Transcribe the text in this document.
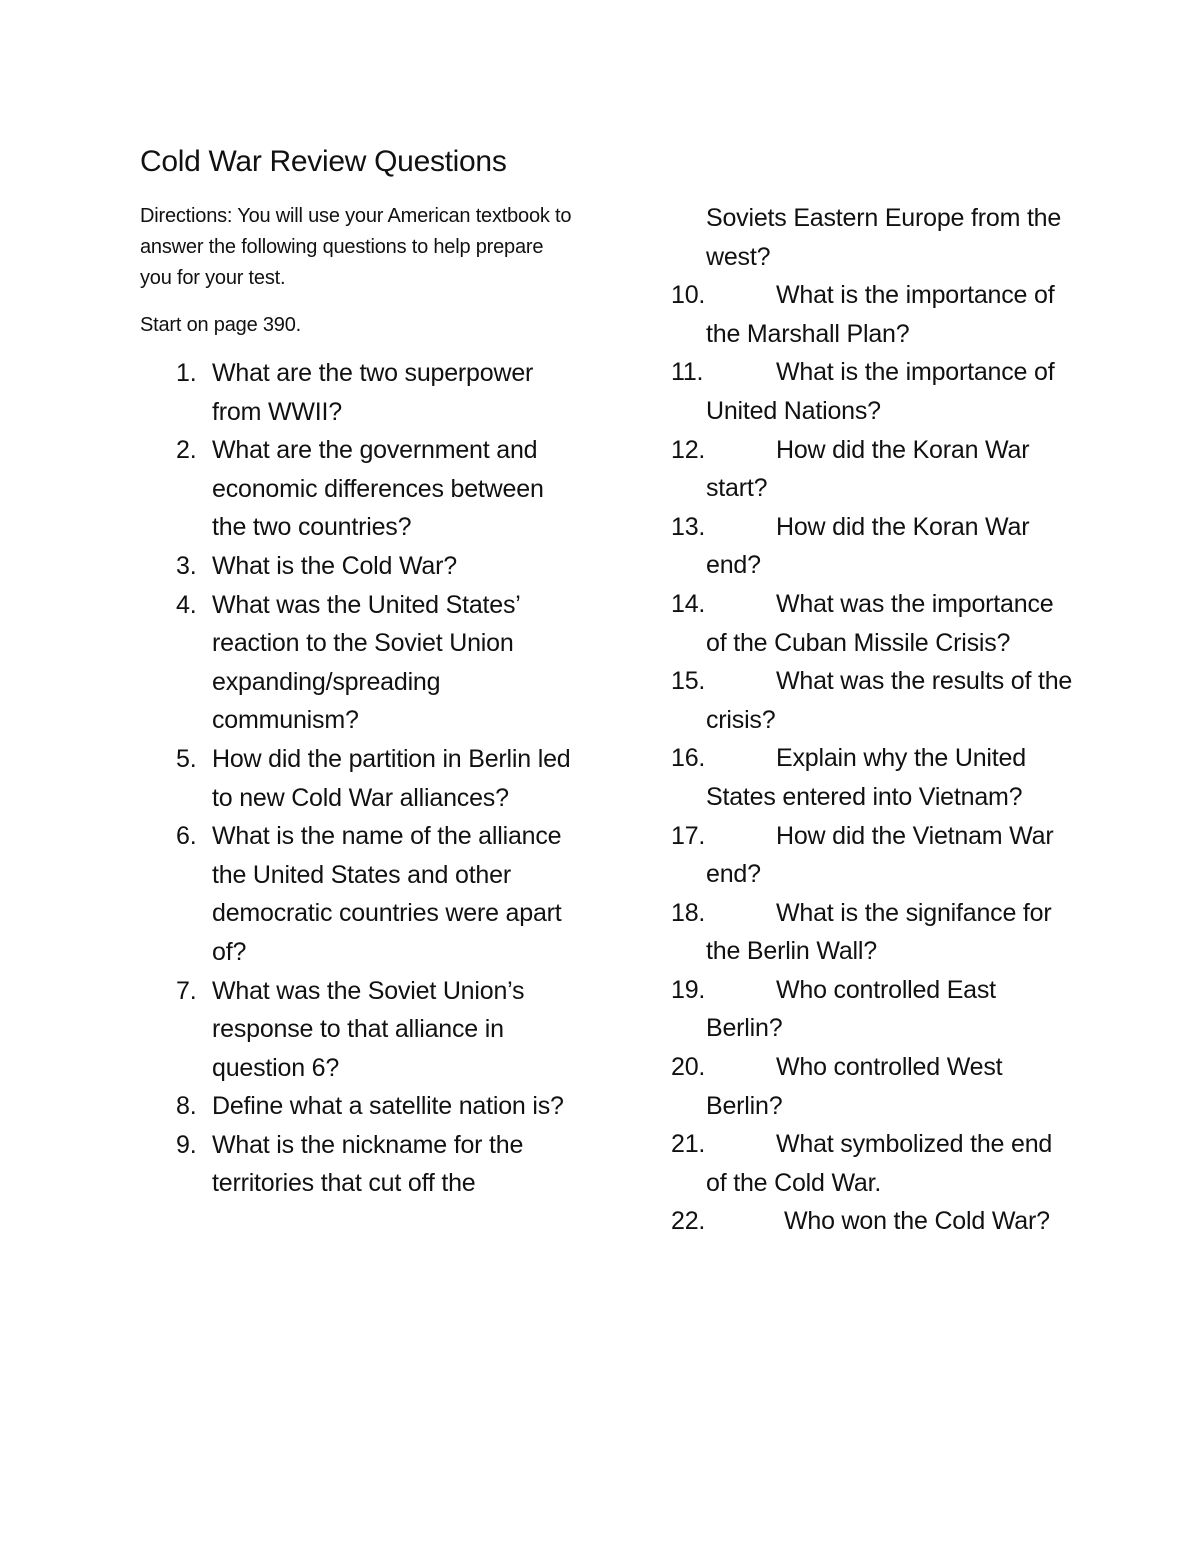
Cold War Review Questions

Directions: You will use your American textbook to answer the following questions to help prepare you for your test.

Start on page 390.

1. What are the two superpower from WWII?
2. What are the government and economic differences between the two countries?
3. What is the Cold War?
4. What was the United States’ reaction to the Soviet Union expanding/spreading communism?
5. How did the partition in Berlin led to new Cold War alliances?
6. What is the name of the alliance the United States and other democratic countries were apart of?
7. What was the Soviet Union’s response to that alliance in question 6?
8. Define what a satellite nation is?
9. What is the nickname for the territories that cut off the
Soviets Eastern Europe from the west?
10.	What is the importance of the Marshall Plan?
11.	What is the importance of United Nations?
12.	How did the Koran War start?
13.	How did the Koran War end?
14.	What was the importance of the Cuban Missile Crisis?
15.	What was the results of the crisis?
16.	Explain why the United States entered into Vietnam?
17.	How did the Vietnam War end?
18.	What is the signifance for the Berlin Wall?
19.	Who controlled East Berlin?
20.	Who controlled West Berlin?
21.	What symbolized the end of the Cold War.
22.	Who won the Cold War?
